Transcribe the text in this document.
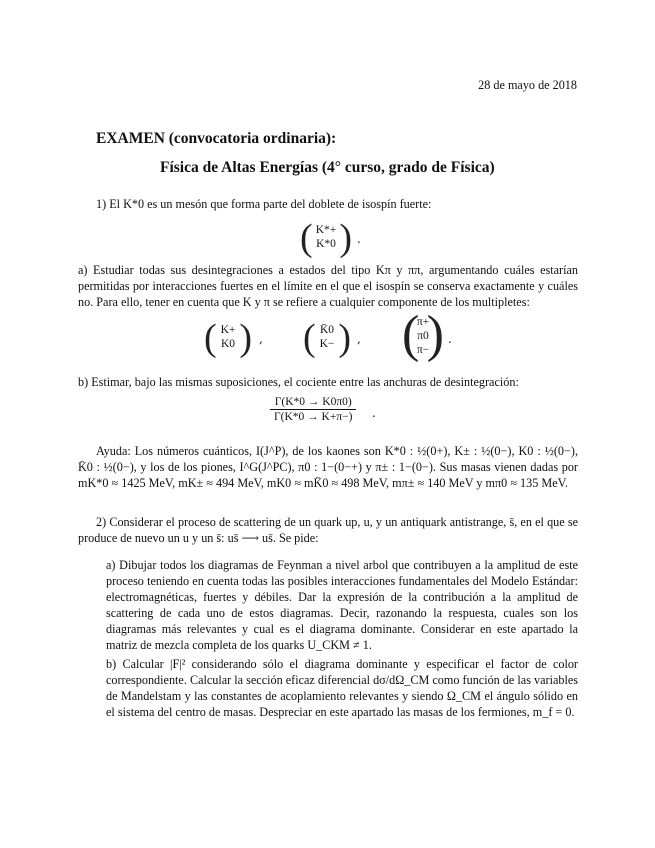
28 de mayo de 2018
EXAMEN (convocatoria ordinaria):
Física de Altas Energías (4° curso, grado de Física)
1) El K*0 es un mesón que forma parte del doblete de isospín fuerte:
( K*+
K*0 ) .
a) Estudiar todas sus desintegraciones a estados del tipo Kπ y ππ, argumentando cuáles estarían permitidas por interacciones fuertes en el límite en el que el isospín se conserva exactamente y cuáles no. Para ello, tener en cuenta que K y π se refiere a cualquier componente de los multipletes:
( K+
K0 ) , ( K̄0
K− ) , (
π+
π0
π−
) .
b) Estimar, bajo las mismas suposiciones, el cociente entre las anchuras de desintegración:
$\frac{\Gamma(K*0 \to K0\pi 0)}{\Gamma(K*0 \to K+\pi-)}$ .
Ayuda: Los números cuánticos, I(J^P), de los kaones son K*0 : ½(0+), K± : ½(0−), K0 : ½(0−), K̄0 : ½(0−), y los de los piones, I^G(J^PC), π0 : 1−(0−+) y π± : 1−(0−). Sus masas vienen dadas por mK*0 ≈ 1425 MeV, mK± ≈ 494 MeV, mK0 ≈ mK̄0 ≈ 498 MeV, mπ± ≈ 140 MeV y mπ0 ≈ 135 MeV.
2) Considerar el proceso de scattering de un quark up, u, y un antiquark antistrange, s̄, en el que se produce de nuevo un u y un s̄: us̄ ⟶ us̄. Se pide:
a) Dibujar todos los diagramas de Feynman a nivel arbol que contribuyen a la amplitud de este proceso teniendo en cuenta todas las posibles interacciones fundamentales del Modelo Estándar: electromagnéticas, fuertes y débiles. Dar la expresión de la contribución a la amplitud de scattering de cada uno de estos diagramas. Decir, razonando la respuesta, cuales son los diagramas más relevantes y cual es el diagrama dominante. Considerar en este apartado la matriz de mezcla completa de los quarks U_CKM ≠ 1.
b) Calcular |F|² considerando sólo el diagrama dominante y especificar el factor de color correspondiente. Calcular la sección eficaz diferencial dσ/dΩ_CM como función de las variables de Mandelstam y las constantes de acoplamiento relevantes y siendo Ω_CM el ángulo sólido en el sistema del centro de masas. Despreciar en este apartado las masas de los fermiones, m_f = 0.
